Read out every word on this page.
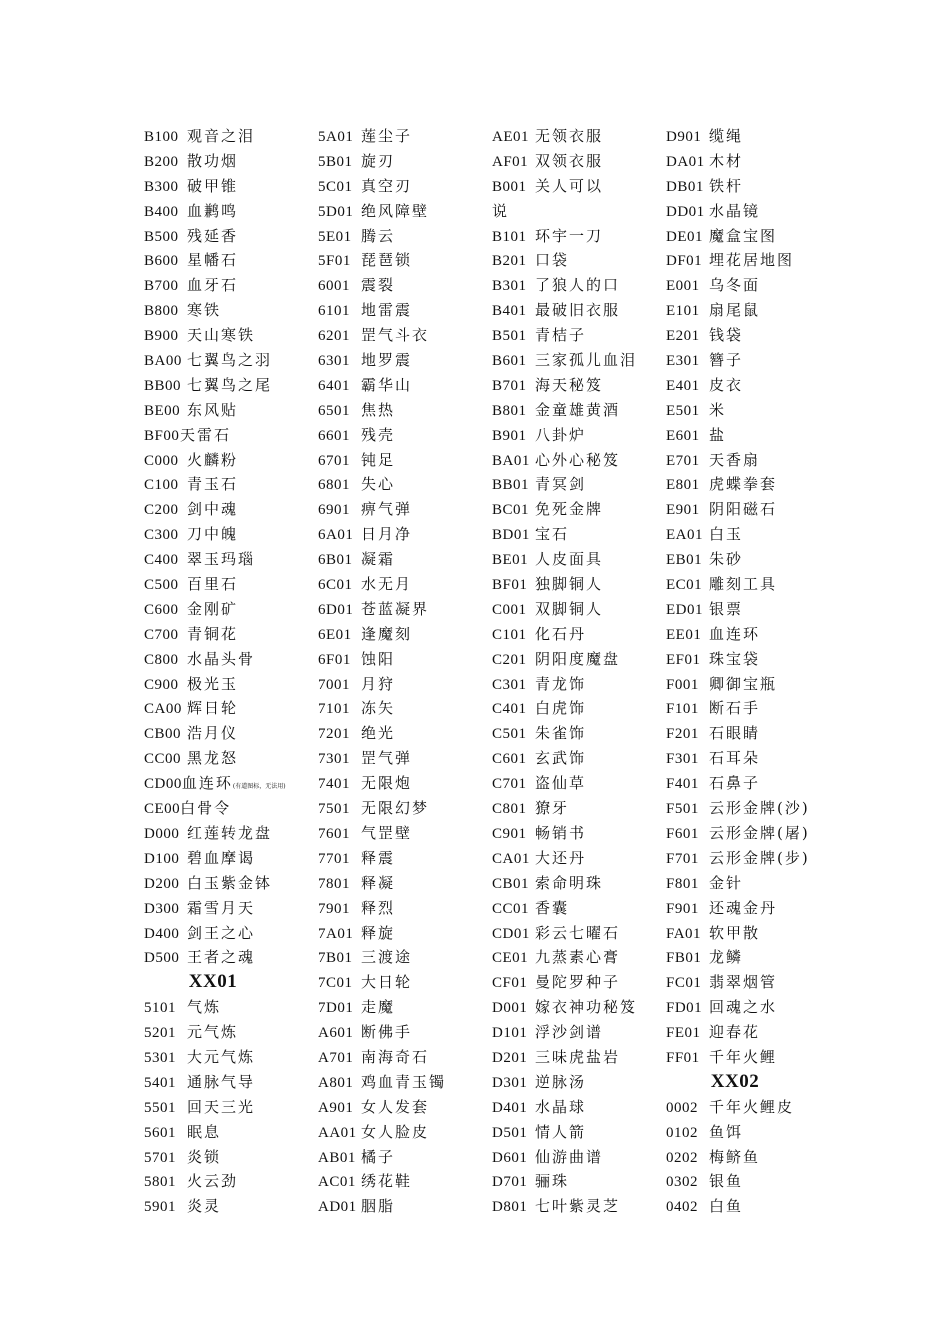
B100 观音之泪
B200 散功烟
B300 破甲锥
B400 血鹣鸣
B500 残延香
B600 星幡石
B700 血牙石
B800 寒铁
B900 天山寒铁
BA00 七翼鸟之羽
BB00 七翼鸟之尾
BE00 东风贴
BF00天雷石
C000 火麟粉
C100 青玉石
C200 剑中魂
C300 刀中魄
C400 翠玉玛瑙
C500 百里石
C600 金刚矿
C700 青铜花
C800 水晶头骨
C900 极光玉
CA00 辉日轮
CB00 浩月仪
CC00 黑龙怒
CD00血连环(有道图标，无法用)
CE00白骨令
D000 红莲转龙盘
D100 碧血摩谒
D200 白玉紫金钵
D300 霜雪月天
D400 剑王之心
D500 王者之魂
XX01
5101 气炼
5201 元气炼
5301 大元气炼
5401 通脉气导
5501 回天三光
5601 眠息
5701 炎锁
5801 火云劲
5901 炎灵
5A01 莲尘子
5B01 旋刃
5C01 真空刃
5D01 绝风障壁
5E01 腾云
5F01 琵琶锁
6001 震裂
6101 地雷震
6201 罡气斗衣
6301 地罗震
6401 霸华山
6501 焦热
6601 残壳
6701 钝足
6801 失心
6901 痹气弹
6A01 日月净
6B01 凝霜
6C01 水无月
6D01 苍蓝凝界
6E01 逢魔刻
6F01 蚀阳
7001 月狩
7101 冻矢
7201 绝光
7301 罡气弹
7401 无限炮
7501 无限幻梦
7601 气罡壁
7701 释震
7801 释凝
7901 释烈
7A01 释旋
7B01 三渡途
7C01 大日轮
7D01 走魔
A601 断佛手
A701 南海奇石
A801 鸡血青玉镯
A901 女人发套
AA01 女人脸皮
AB01 橘子
AC01 绣花鞋
AD01 胭脂
AE01 无领衣服
AF01 双领衣服
B001 关人可以
说
B101 环宇一刀
B201 口袋
B301 了狼人的口
B401 最破旧衣服
B501 青桔子
B601 三家孤儿血泪
B701 海天秘笈
B801 金童雄黄酒
B901 八卦炉
BA01 心外心秘笈
BB01 青冥剑
BC01 免死金牌
BD01 宝石
BE01 人皮面具
BF01 独脚铜人
C001 双脚铜人
C101 化石丹
C201 阴阳度魔盘
C301 青龙饰
C401 白虎饰
C501 朱雀饰
C601 玄武饰
C701 盗仙草
C801 獠牙
C901 畅销书
CA01 大还丹
CB01 索命明珠
CC01 香囊
CD01 彩云七曜石
CE01 九蒸素心膏
CF01 曼陀罗种子
D001 嫁衣神功秘笈
D101 浮沙剑谱
D201 三味虎盐岩
D301 逆脉汤
D401 水晶球
D501 情人箭
D601 仙游曲谱
D701 骊珠
D801 七叶紫灵芝
D901 缆绳
DA01 木材
DB01 铁杆
DD01 水晶镜
DE01 魔盒宝图
DF01 埋花居地图
E001 乌冬面
E101 扇尾鼠
E201 钱袋
E301 簪子
E401 皮衣
E501 米
E601 盐
E701 天香扇
E801 虎蝶拳套
E901 阴阳磁石
EA01 白玉
EB01 朱砂
EC01 雕刻工具
ED01 银票
EE01 血连环
EF01 珠宝袋
F001 卿御宝瓶
F101 断石手
F201 石眼睛
F301 石耳朵
F401 石鼻子
F501 云形金牌(沙)
F601 云形金牌(屠)
F701 云形金牌(步)
F801 金针
F901 还魂金丹
FA01 软甲散
FB01 龙鳞
FC01 翡翠烟管
FD01 回魂之水
FE01 迎春花
FF01 千年火鲤
XX02
0002 千年火鲤皮
0102 鱼饵
0202 梅鲚鱼
0302 银鱼
0402 白鱼
